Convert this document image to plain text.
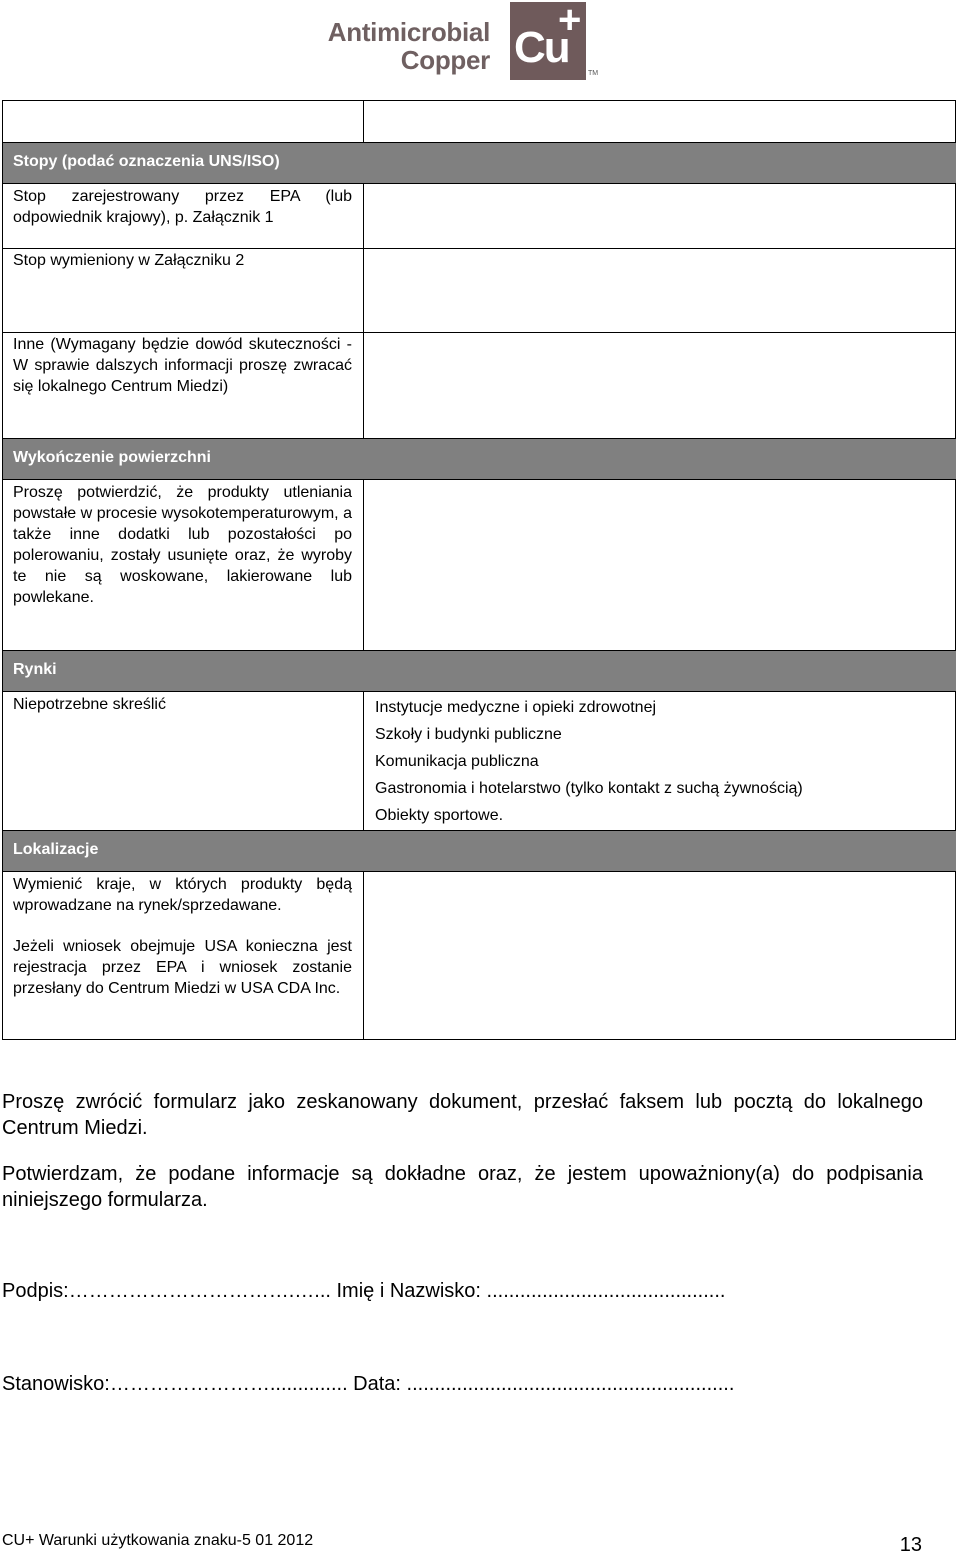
Antimicrobial
Copper Cu
+
TM
Stopy (podać oznaczenia UNS/ISO)
Stop zarejestrowany przez EPA (lub odpowiednik krajowy), p. Załącznik 1
Stop wymieniony w Załączniku 2
Inne (Wymagany będzie dowód skuteczności - W sprawie dalszych informacji proszę zwracać się lokalnego Centrum Miedzi)
Wykończenie powierzchni
Proszę potwierdzić, że produkty utleniania powstałe w procesie wysokotemperaturowym, a także inne dodatki lub pozostałości po polerowaniu, zostały usunięte oraz, że wyroby te nie są woskowane, lakierowane lub powlekane.
Rynki
Niepotrzebne skreślić	Instytucje medyczne i opieki zdrowotnej
Szkoły i budynki publiczne
Komunikacja publiczna
Gastronomia i hotelarstwo (tylko kontakt z suchą żywnością)
Obiekty sportowe.
Lokalizacje
Wymienić kraje, w których produkty będą wprowadzane na rynek/sprzedawane.
Jeżeli wniosek obejmuje USA konieczna jest rejestracja przez EPA i wniosek zostanie przesłany do Centrum Miedzi w USA CDA Inc.
Proszę zwrócić formularz jako zeskanowany dokument, przesłać faksem lub pocztą do lokalnego Centrum Miedzi.
Potwierdzam, że podane informacje są dokładne oraz, że jestem upoważniony(a) do podpisania niniejszego formularza.
Podpis:…………………………….…... Imię i Nazwisko: ...........................................
Stanowisko:…………………….............. Data: ...........................................................
CU+ Warunki użytkowania znaku-5 01 2012	13
